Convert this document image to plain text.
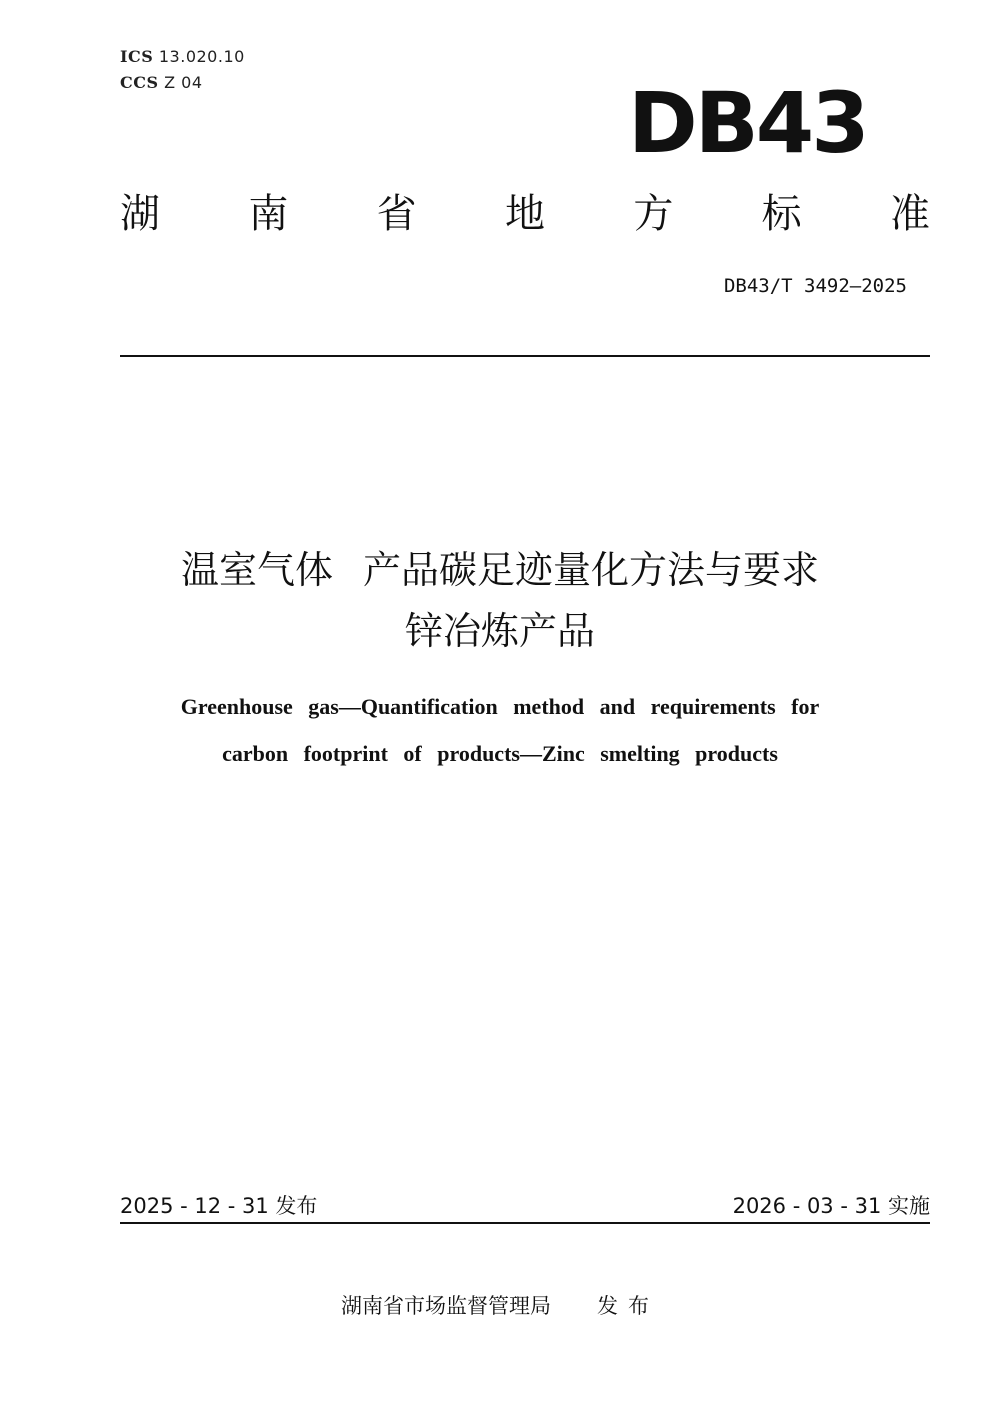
ICS 13.020.10
CCS Z 04	DB43
湖 南 省 地 方 标 准
DB43/T 3492—2025
温室气体 产品碳足迹量化方法与要求
锌冶炼产品
Greenhouse gas—Quantification method and requirements for
carbon footprint of products—Zinc smelting products
2025 - 12 - 31 发布	2026 - 03 - 31 实施
湖南省市场监督管理局 发布
